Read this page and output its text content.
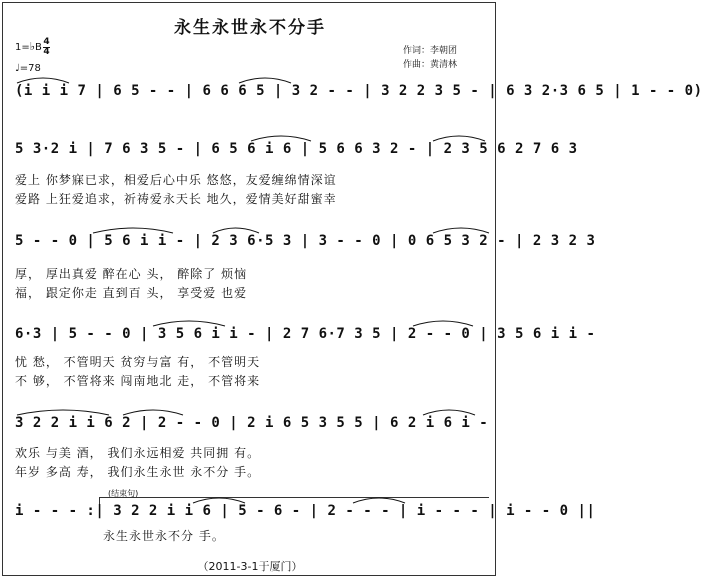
永生永世永不分手
1=♭B 4
4
♩=78
作词：李朝团
作曲：黄清林
(i i i 7 | 6 5 - - | 6 6 6 5 | 3 2 - - | 3 2 2 3 5 - | 6 3 2·3 6 5 | 1 - - 0)
5 3·2 i | 7 6 3 5 - | 6 5 6 i 6 | 5 6 6 3 2 - | 2 3 5 6 2 7 6 3
爱上 你梦寐已求，相爱后心中乐 悠悠，友爱缠绵情深谊
爱路 上狂爱追求，祈祷爱永天长 地久，爱情美好甜蜜幸
5 - - 0 | 5 6 i i - | 2 3 6·5 3 | 3 - - 0 | 0 6 5 3 2 - | 2 3 2 3
厚， 厚出真爱 醉在心 头， 醉除了 烦恼
福， 跟定你走 直到百 头， 享受爱 也爱
6·3 | 5 - - 0 | 3 5 6 i i - | 2 7 6·7 3 5 | 2 - - 0 | 3 5 6 i i -
忧 愁， 不管明天 贫穷与富 有， 不管明天
不 够， 不管将来 闯南地北 走， 不管将来
3 2 2 i i 6 2 | 2 - - 0 | 2 i 6 5 3 5 5 | 6 2 i 6 i -
欢乐 与美 酒， 我们永远相爱 共同拥 有。
年岁 多高 寿， 我们永生永世 永不分 手。
(结束句)
i - - - :| 3 2 2 i i 6 | 5 - 6 - | 2 - - - | i - - - | i - - 0 ||
永生永世永不分 手。
（2011-3-1于厦门）
